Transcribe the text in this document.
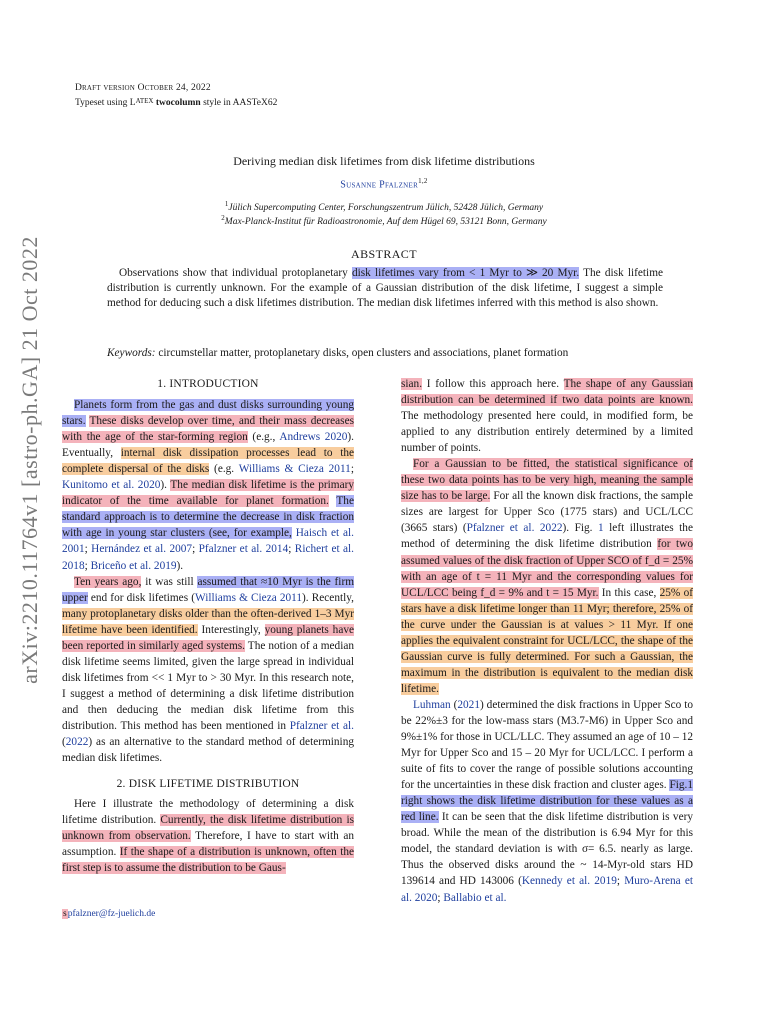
Draft version October 24, 2022
Typeset using $L^{ATEX}$ twocolumn style in AASTeX62
arXiv:2210.11764v1 [astro-ph.GA] 21 Oct 2022
Deriving median disk lifetimes from disk lifetime distributions
Susanne Pfalzner$^{1,2}$
$^1$Jülich Supercomputing Center, Forschungszentrum Jülich, 52428 Jülich, Germany
$^2$Max-Planck-Institut für Radioastronomie, Auf dem Hügel 69, 53121 Bonn, Germany
ABSTRACT
Observations show that individual protoplanetary disk lifetimes vary from < 1 Myr to ≫ 20 Myr. The disk lifetime distribution is currently unknown. For the example of a Gaussian distribution of the disk lifetime, I suggest a simple method for deducing such a disk lifetimes distribution. The median disk lifetimes inferred with this method is also shown.
Keywords: circumstellar matter, protoplanetary disks, open clusters and associations, planet formation

1. INTRODUCTION

Planets form from the gas and dust disks surrounding young stars. These disks develop over time, and their mass decreases with the age of the star-forming region (e.g., Andrews 2020). Eventually, internal disk dissipation processes lead to the complete dispersal of the disks (e.g. Williams & Cieza 2011; Kunitomo et al. 2020). The median disk lifetime is the primary indicator of the time available for planet formation. The standard approach is to determine the decrease in disk fraction with age in young star clusters (see, for example, Haisch et al. 2001; Hernández et al. 2007; Pfalzner et al. 2014; Richert et al. 2018; Briceño et al. 2019).

Ten years ago, it was still assumed that ≈10 Myr is the firm upper end for disk lifetimes (Williams & Cieza 2011). Recently, many protoplanetary disks older than the often-derived 1–3 Myr lifetime have been identified. Interestingly, young planets have been reported in similarly aged systems. The notion of a median disk lifetime seems limited, given the large spread in individual disk lifetimes from << 1 Myr to > 30 Myr. In this research note, I suggest a method of determining a disk lifetime distribution and then deducing the median disk lifetime from this distribution. This method has been mentioned in Pfalzner et al. (2022) as an alternative to the standard method of determining median disk lifetimes.

2. DISK LIFETIME DISTRIBUTION

Here I illustrate the methodology of determining a disk lifetime distribution. Currently, the disk lifetime distribution is unknown from observation. Therefore, I have to start with an assumption. If the shape of a distribution is unknown, often the first step is to assume the distribution to be Gaus-

sian. I follow this approach here. The shape of any Gaussian distribution can be determined if two data points are known. The methodology presented here could, in modified form, be applied to any distribution entirely determined by a limited number of points.

For a Gaussian to be fitted, the statistical significance of these two data points has to be very high, meaning the sample size has to be large. For all the known disk fractions, the sample sizes are largest for Upper Sco (1775 stars) and UCL/LCC (3665 stars) (Pfalzner et al. 2022). Fig. 1 left illustrates the method of determining the disk lifetime distribution for two assumed values of the disk fraction of Upper SCO of f_d = 25% with an age of t = 11 Myr and the corresponding values for UCL/LCC being f_d = 9% and t = 15 Myr. In this case, 25% of stars have a disk lifetime longer than 11 Myr; therefore, 25% of the curve under the Gaussian is at values > 11 Myr. If one applies the equivalent constraint for UCL/LCC, the shape of the Gaussian curve is fully determined. For such a Gaussian, the maximum in the distribution is equivalent to the median disk lifetime.

Luhman (2021) determined the disk fractions in Upper Sco to be 22%±3 for the low-mass stars (M3.7-M6) in Upper Sco and 9%±1% for those in UCL/LLC. They assumed an age of 10 – 12 Myr for Upper Sco and 15 – 20 Myr for UCL/LCC. I perform a suite of fits to cover the range of possible solutions accounting for the uncertainties in these disk fraction and cluster ages. Fig.1 right shows the disk lifetime distribution for these values as a red line. It can be seen that the disk lifetime distribution is very broad. While the mean of the distribution is 6.94 Myr for this model, the standard deviation is with σ= 6.5. nearly as large. Thus the observed disks around the ~ 14-Myr-old stars HD 139614 and HD 143006 (Kennedy et al. 2019; Muro-Arena et al. 2020; Ballabio et al.

spfalzner@fz-juelich.de
